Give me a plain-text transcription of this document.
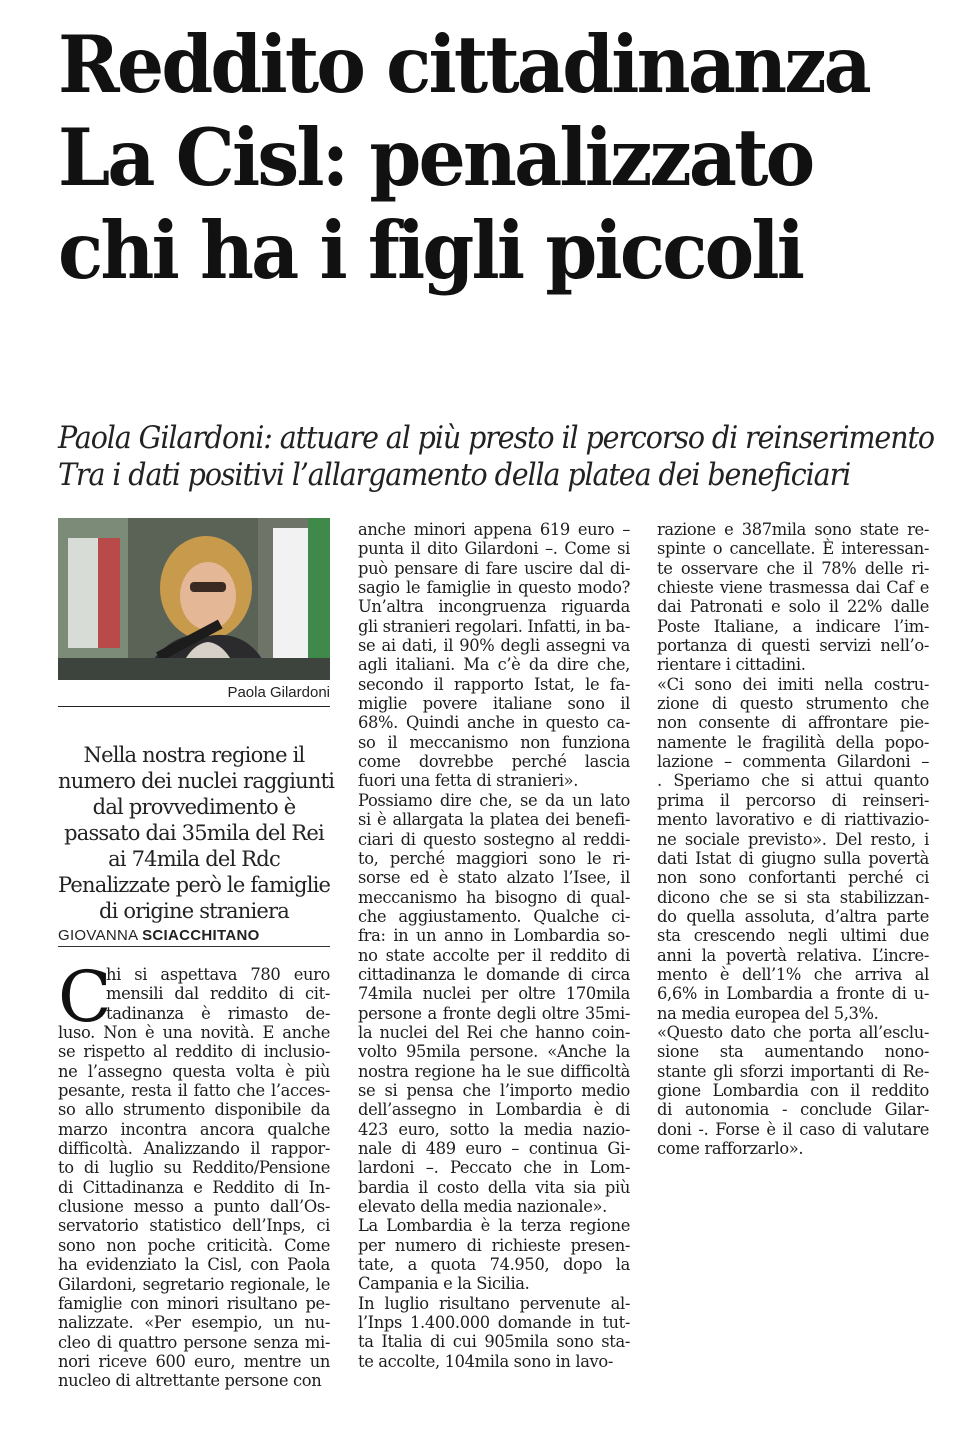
Reddito cittadinanza
La Cisl: penalizzato
chi ha i figli piccoli
Paola Gilardoni: attuare al più presto il percorso di reinserimento
Tra i dati positivi l’allargamento della platea dei beneficiari
Paola Gilardoni
Nella nostra regione il
numero dei nuclei raggiunti
dal provvedimento è
passato dai 35mila del Rei
ai 74mila del Rdc
Penalizzate però le famiglie
di origine straniera
GIOVANNA SCIACCHITANO
C
hi si aspettava 780 euro
mensili dal reddito di cit-
tadinanza è rimasto de-
luso. Non è una novità. E anche
se rispetto al reddito di inclusio-
ne l’assegno questa volta è più
pesante, resta il fatto che l’acces-
so allo strumento disponibile da
marzo incontra ancora qualche
difficoltà. Analizzando il rappor-
to di luglio su Reddito/Pensione
di Cittadinanza e Reddito di In-
clusione messo a punto dall’Os-
servatorio statistico dell’Inps, ci
sono non poche criticità. Come
ha evidenziato la Cisl, con Paola
Gilardoni, segretario regionale, le
famiglie con minori risultano pe-
nalizzate. «Per esempio, un nu-
cleo di quattro persone senza mi-
nori riceve 600 euro, mentre un
nucleo di altrettante persone con
anche minori appena 619 euro –
punta il dito Gilardoni –. Come si
può pensare di fare uscire dal di-
sagio le famiglie in questo modo?
Un’altra incongruenza riguarda
gli stranieri regolari. Infatti, in ba-
se ai dati, il 90% degli assegni va
agli italiani. Ma c’è da dire che,
secondo il rapporto Istat, le fa-
miglie povere italiane sono il
68%. Quindi anche in questo ca-
so il meccanismo non funziona
come dovrebbe perché lascia
fuori una fetta di stranieri».
Possiamo dire che, se da un lato
si è allargata la platea dei benefi-
ciari di questo sostegno al reddi-
to, perché maggiori sono le ri-
sorse ed è stato alzato l’Isee, il
meccanismo ha bisogno di qual-
che aggiustamento. Qualche ci-
fra: in un anno in Lombardia so-
no state accolte per il reddito di
cittadinanza le domande di circa
74mila nuclei per oltre 170mila
persone a fronte degli oltre 35mi-
la nuclei del Rei che hanno coin-
volto 95mila persone. «Anche la
nostra regione ha le sue difficoltà
se si pensa che l’importo medio
dell’assegno in Lombardia è di
423 euro, sotto la media nazio-
nale di 489 euro – continua Gi-
lardoni –. Peccato che in Lom-
bardia il costo della vita sia più
elevato della media nazionale».
La Lombardia è la terza regione
per numero di richieste presen-
tate, a quota 74.950, dopo la
Campania e la Sicilia.
In luglio risultano pervenute al-
l’Inps 1.400.000 domande in tut-
ta Italia di cui 905mila sono sta-
te accolte, 104mila sono in lavo-
razione e 387mila sono state re-
spinte o cancellate. È interessan-
te osservare che il 78% delle ri-
chieste viene trasmessa dai Caf e
dai Patronati e solo il 22% dalle
Poste Italiane, a indicare l’im-
portanza di questi servizi nell’o-
rientare i cittadini.
«Ci sono dei imiti nella costru-
zione di questo strumento che
non consente di affrontare pie-
namente le fragilità della popo-
lazione – commenta Gilardoni –
. Speriamo che si attui quanto
prima il percorso di reinseri-
mento lavorativo e di riattivazio-
ne sociale previsto». Del resto, i
dati Istat di giugno sulla povertà
non sono confortanti perché ci
dicono che se si sta stabilizzan-
do quella assoluta, d’altra parte
sta crescendo negli ultimi due
anni la povertà relativa. L’incre-
mento è dell’1% che arriva al
6,6% in Lombardia a fronte di u-
na media europea del 5,3%.
«Questo dato che porta all’esclu-
sione sta aumentando nono-
stante gli sforzi importanti di Re-
gione Lombardia con il reddito
di autonomia - conclude Gilar-
doni -. Forse è il caso di valutare
come rafforzarlo».
